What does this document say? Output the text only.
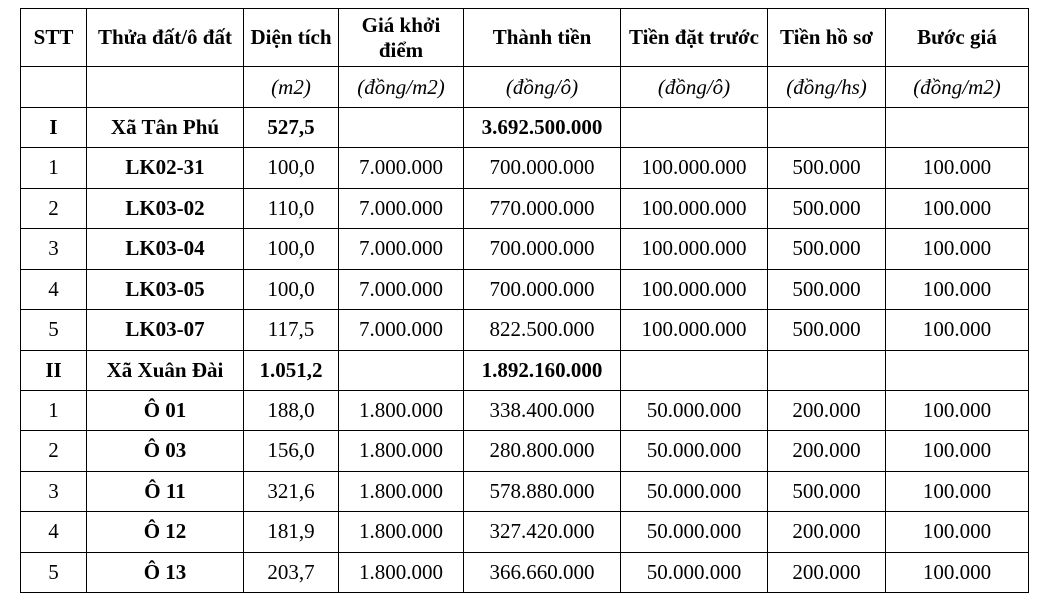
STT	Thửa đất/ô đất	Diện tích	Giá khởi điểm	Thành tiền	Tiền đặt trước	Tiền hồ sơ	Bước giá
		(m2)	(đồng/m2)	(đồng/ô)	(đồng/ô)	(đồng/hs)	(đồng/m2)
I	Xã Tân Phú	527,5		3.692.500.000			
1	LK02-31	100,0	7.000.000	700.000.000	100.000.000	500.000	100.000
2	LK03-02	110,0	7.000.000	770.000.000	100.000.000	500.000	100.000
3	LK03-04	100,0	7.000.000	700.000.000	100.000.000	500.000	100.000
4	LK03-05	100,0	7.000.000	700.000.000	100.000.000	500.000	100.000
5	LK03-07	117,5	7.000.000	822.500.000	100.000.000	500.000	100.000
II	Xã Xuân Đài	1.051,2		1.892.160.000			
1	Ô 01	188,0	1.800.000	338.400.000	50.000.000	200.000	100.000
2	Ô 03	156,0	1.800.000	280.800.000	50.000.000	200.000	100.000
3	Ô 11	321,6	1.800.000	578.880.000	50.000.000	500.000	100.000
4	Ô 12	181,9	1.800.000	327.420.000	50.000.000	200.000	100.000
5	Ô 13	203,7	1.800.000	366.660.000	50.000.000	200.000	100.000
